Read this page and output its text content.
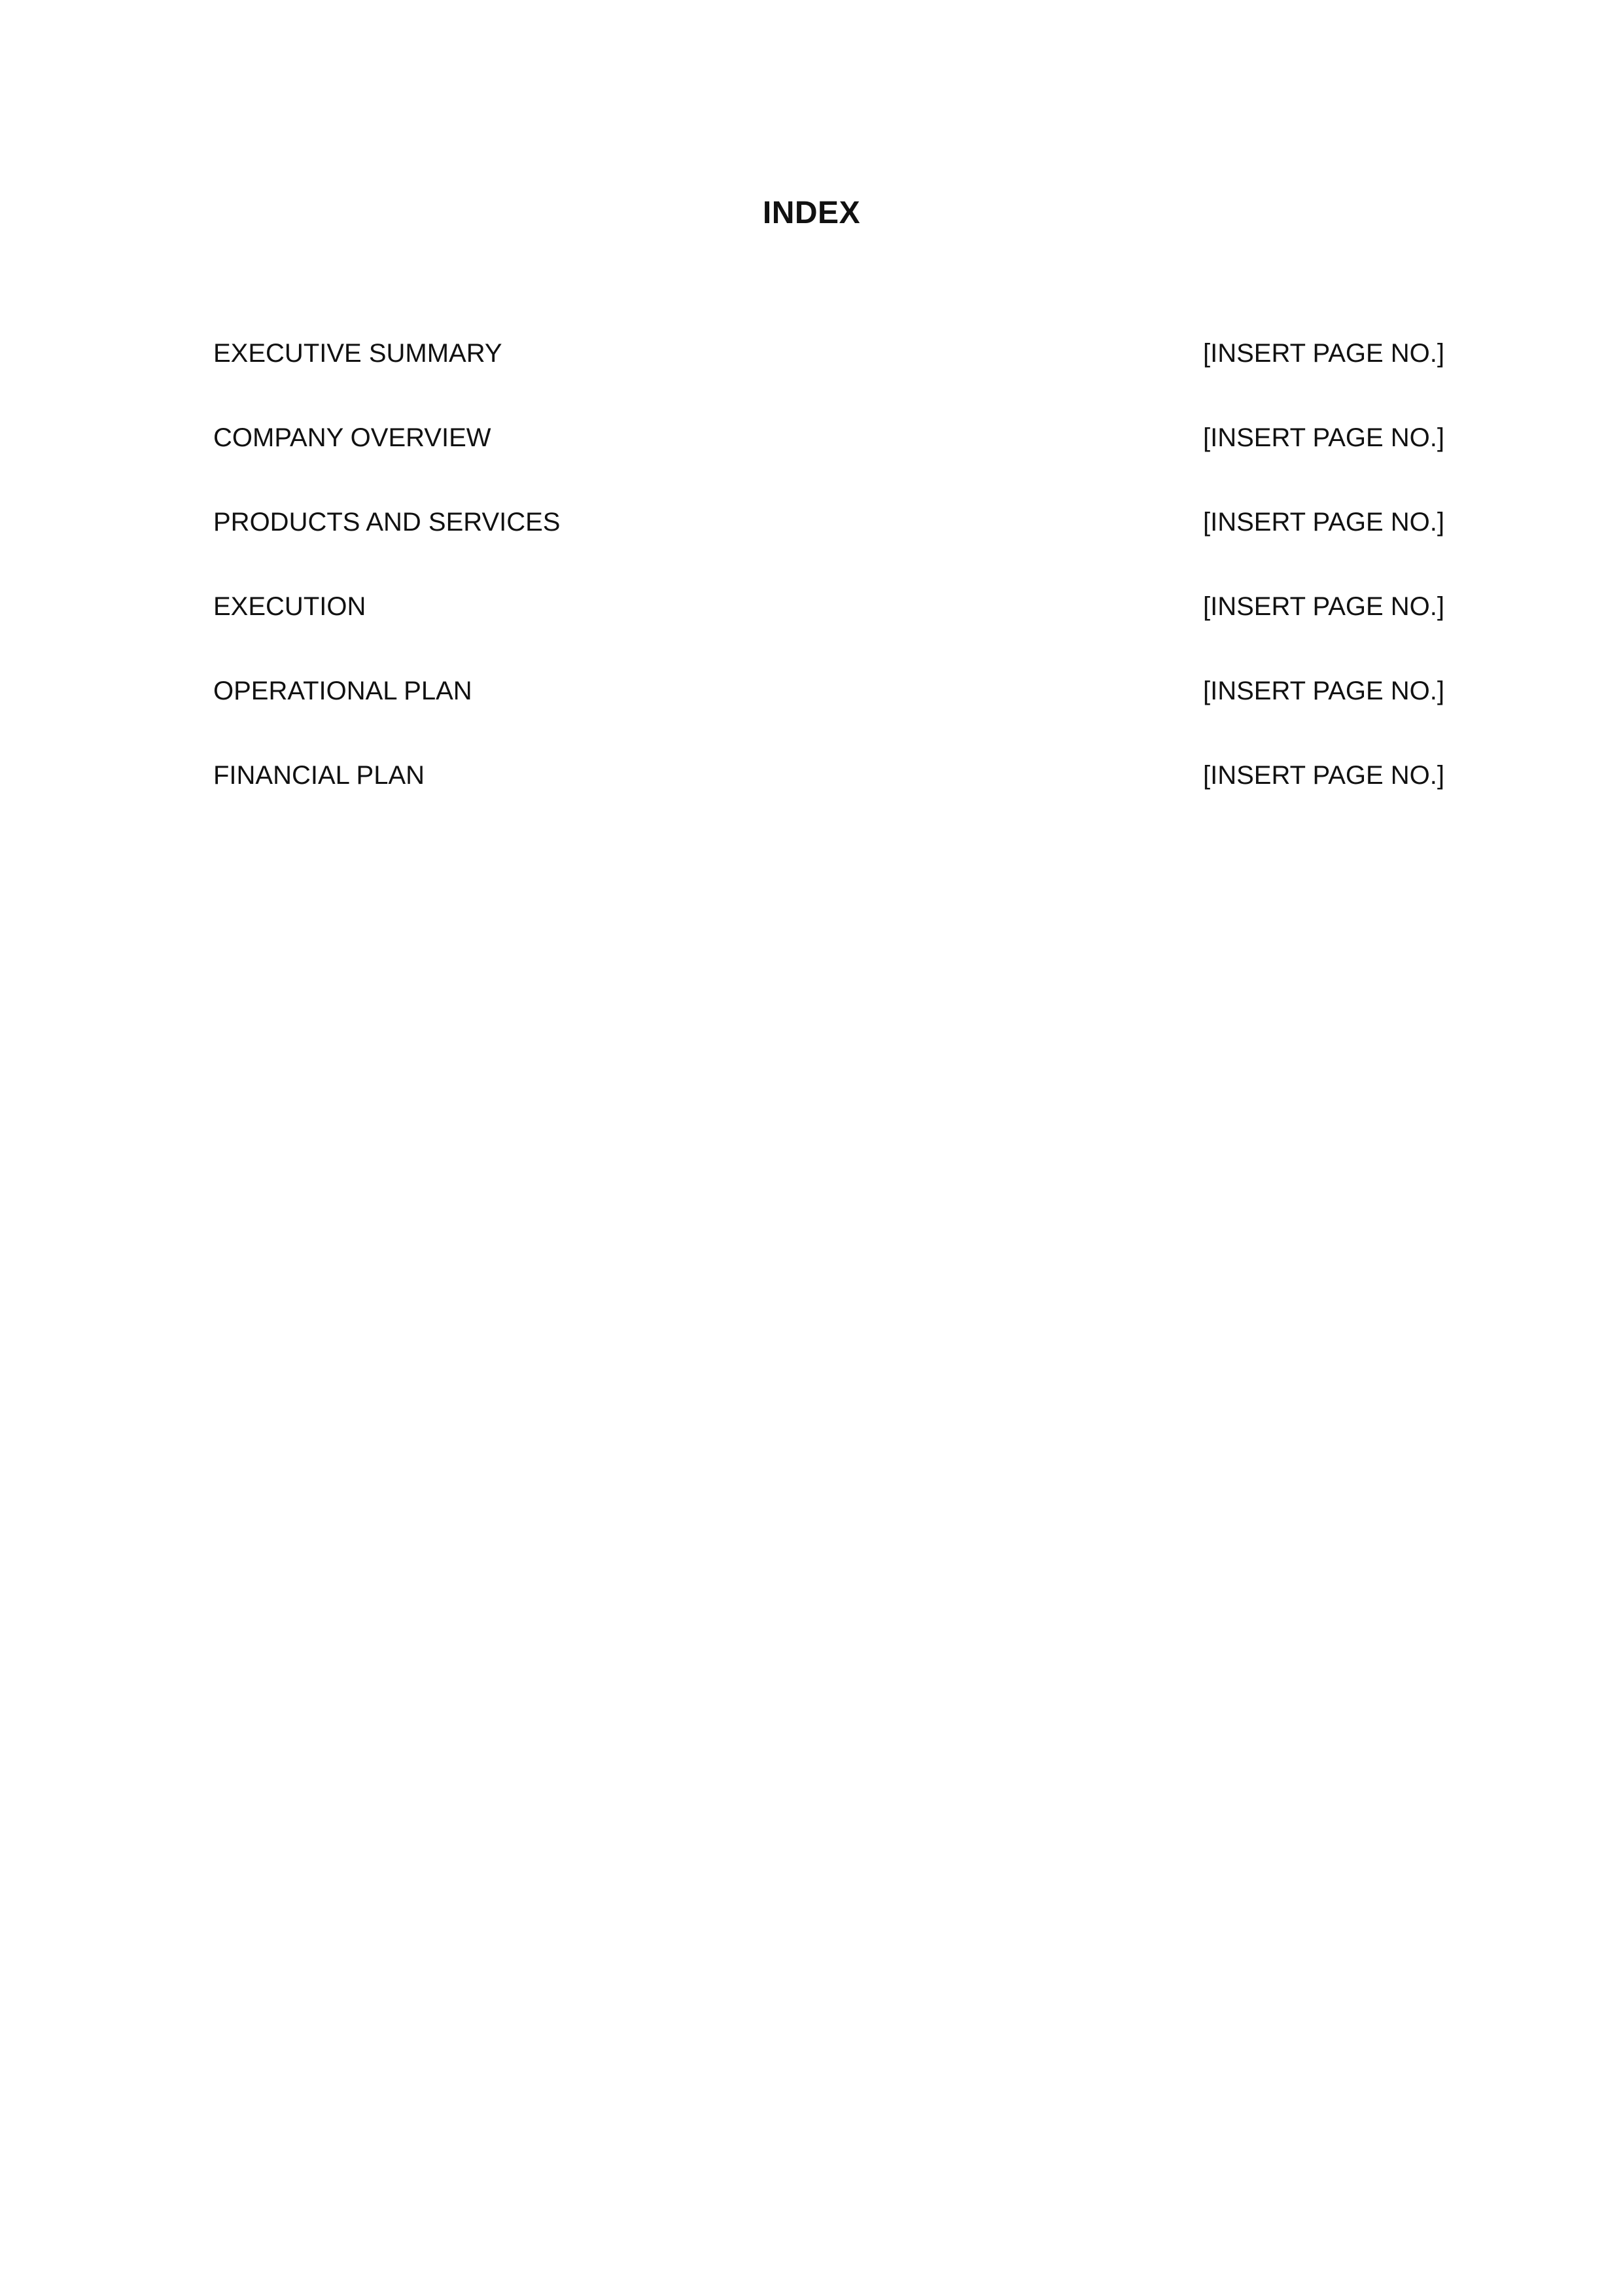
INDEX
EXECUTIVE SUMMARY	[INSERT PAGE NO.]
COMPANY OVERVIEW	[INSERT PAGE NO.]
PRODUCTS AND SERVICES	[INSERT PAGE NO.]
EXECUTION	[INSERT PAGE NO.]
OPERATIONAL PLAN	[INSERT PAGE NO.]
FINANCIAL PLAN	[INSERT PAGE NO.]
